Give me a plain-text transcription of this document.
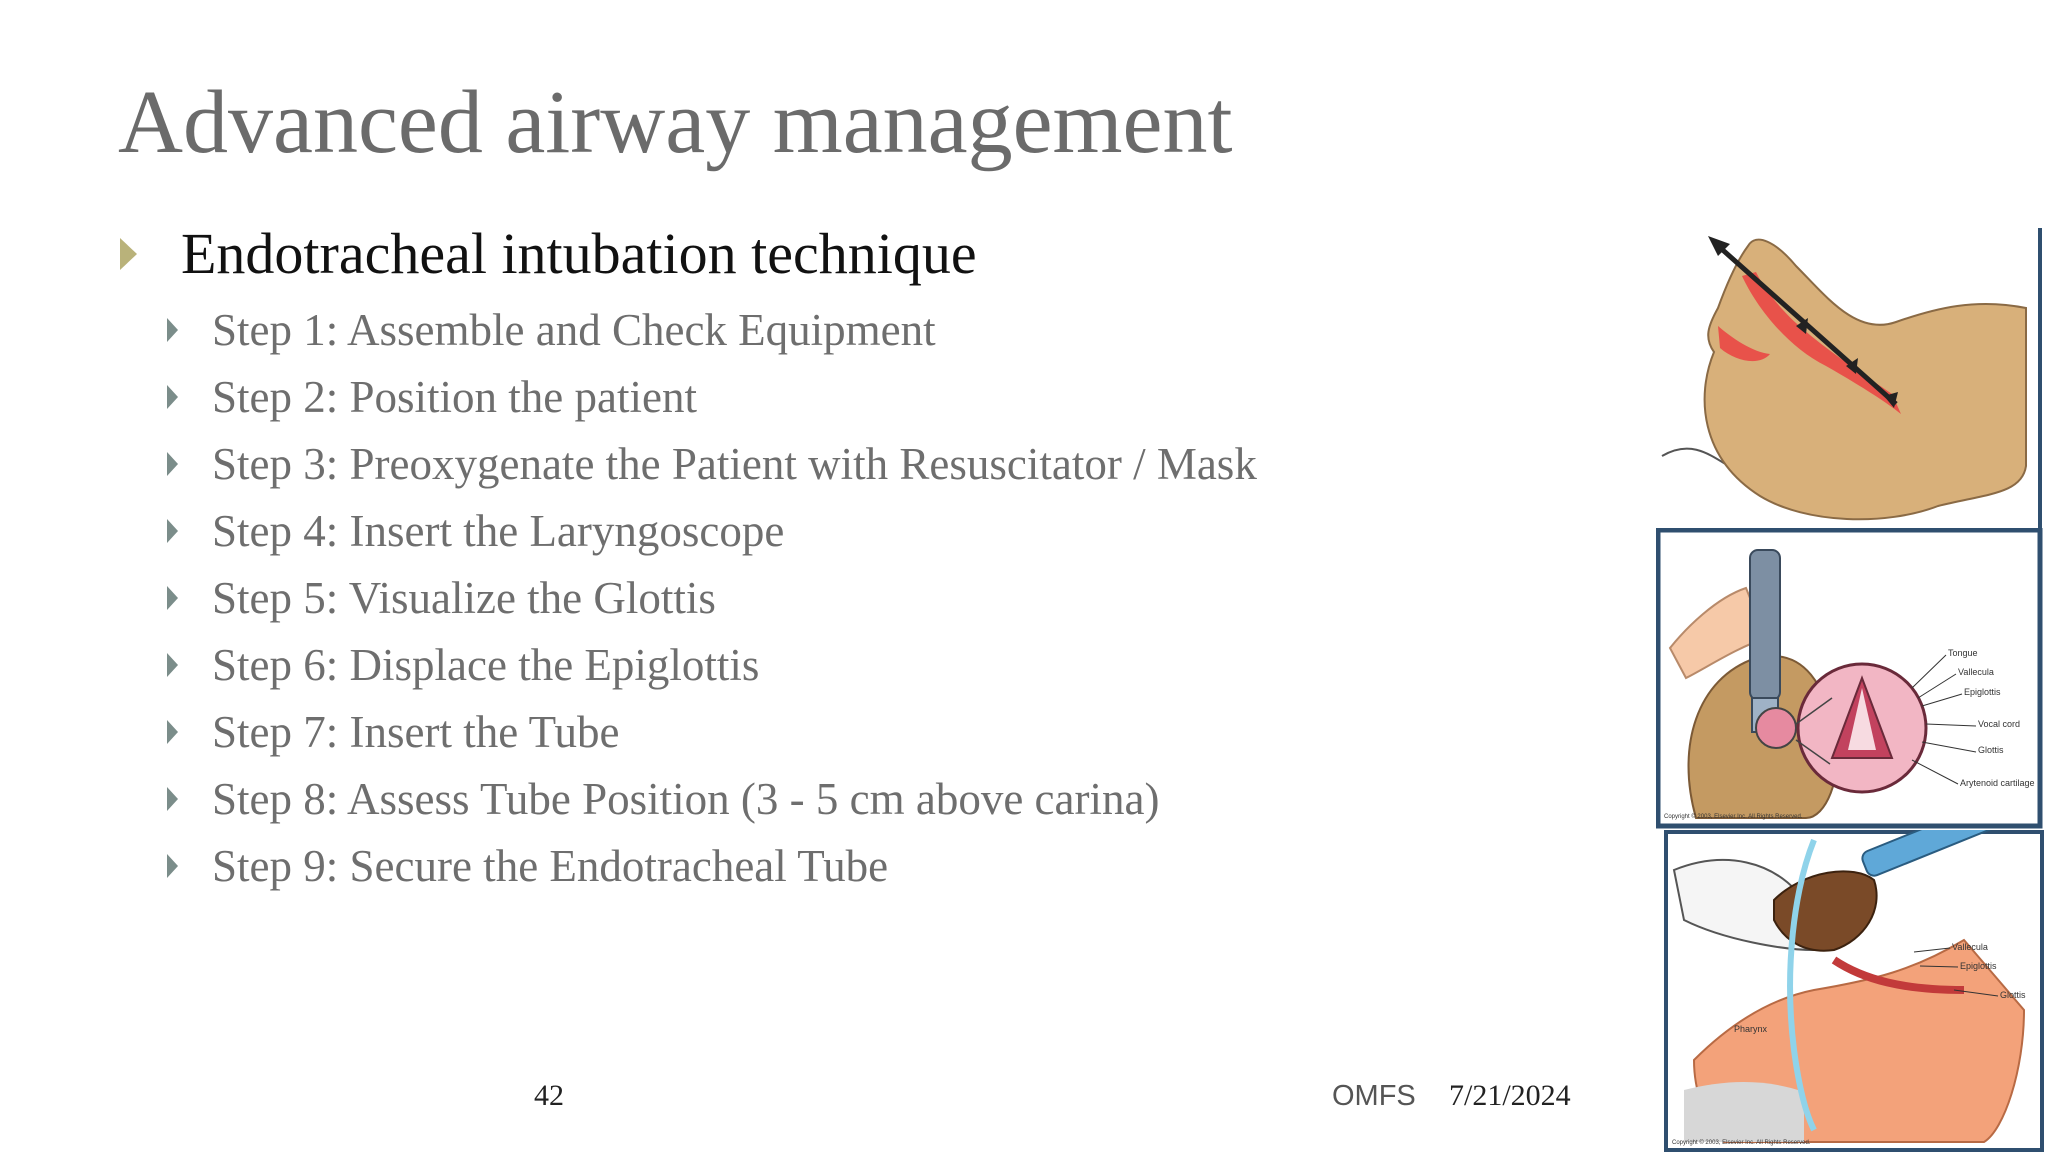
Advanced airway management
Endotracheal intubation technique
Step 1: Assemble and Check Equipment
Step 2: Position the patient
Step 3: Preoxygenate the Patient with Resuscitator / Mask
Step 4: Insert the Laryngoscope
Step 5: Visualize the Glottis
Step 6: Displace the Epiglottis
Step 7: Insert the Tube
Step 8: Assess Tube Position (3 - 5 cm above carina)
Step 9: Secure the Endotracheal Tube
Tongue
Vallecula
Epiglottis
Vocal cord
Glottis
Arytenoid cartilage
Copyright © 2003, Elsevier Inc. All Rights Reserved.
Vallecula
Epiglottis
Glottis
Pharynx
Copyright © 2003, Elsevier Inc. All Rights Reserved.
42	OMFS 7/21/2024
